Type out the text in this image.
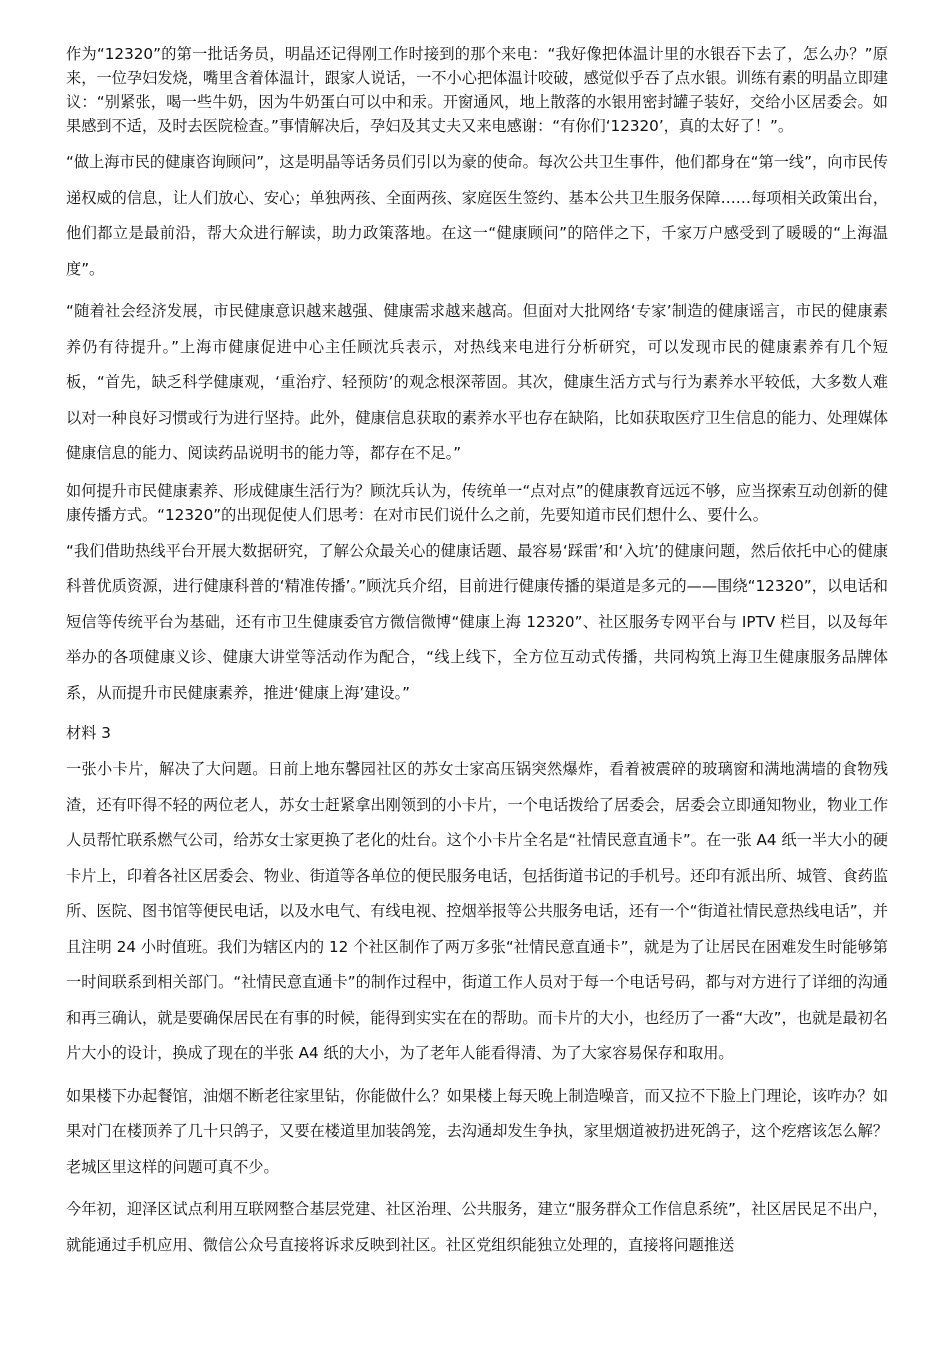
作为“12320”的第一批话务员，明晶还记得刚工作时接到的那个来电：“我好像把体温计里的水银吞下去了，怎么办？”原来，一位孕妇发烧，嘴里含着体温计，跟家人说话，一不小心把体温计咬破，感觉似乎吞了点水银。训练有素的明晶立即建议：“别紧张，喝一些牛奶，因为牛奶蛋白可以中和汞。开窗通风，地上散落的水银用密封罐子装好，交给小区居委会。如果感到不适，及时去医院检查。”事情解决后，孕妇及其丈夫又来电感谢：“有你们‘12320’，真的太好了！”。

“做上海市民的健康咨询顾问”，这是明晶等话务员们引以为豪的使命。每次公共卫生事件，他们都身在“第一线”，向市民传递权威的信息，让人们放心、安心；单独两孩、全面两孩、家庭医生签约、基本公共卫生服务保障……每项相关政策出台，他们都立是最前沿，帮大众进行解读，助力政策落地。在这一“健康顾问”的陪伴之下，千家万户感受到了暖暖的“上海温度”。

“随着社会经济发展，市民健康意识越来越强、健康需求越来越高。但面对大批网络‘专家’制造的健康谣言，市民的健康素养仍有待提升。”上海市健康促进中心主任顾沈兵表示，对热线来电进行分析研究，可以发现市民的健康素养有几个短板，“首先，缺乏科学健康观，‘重治疗、轻预防’的观念根深蒂固。其次，健康生活方式与行为素养水平较低，大多数人难以对一种良好习惯或行为进行坚持。此外，健康信息获取的素养水平也存在缺陷，比如获取医疗卫生信息的能力、处理媒体健康信息的能力、阅读药品说明书的能力等，都存在不足。”

如何提升市民健康素养、形成健康生活行为？顾沈兵认为，传统单一“点对点”的健康教育远远不够，应当探索互动创新的健康传播方式。“12320”的出现促使人们思考：在对市民们说什么之前，先要知道市民们想什么、要什么。

“我们借助热线平台开展大数据研究，了解公众最关心的健康话题、最容易‘踩雷’和‘入坑’的健康问题，然后依托中心的健康科普优质资源，进行健康科普的‘精准传播’。”顾沈兵介绍，目前进行健康传播的渠道是多元的——围绕“12320”，以电话和短信等传统平台为基础，还有市卫生健康委官方微信微博“健康上海 12320”、社区服务专网平台与 IPTV 栏目，以及每年举办的各项健康义诊、健康大讲堂等活动作为配合，“线上线下，全方位互动式传播，共同构筑上海卫生健康服务品牌体系，从而提升市民健康素养，推进‘健康上海’建设。”

材料 3

一张小卡片，解决了大问题。日前上地东馨园社区的苏女士家高压锅突然爆炸，看着被震碎的玻璃窗和满地满墙的食物残渣，还有吓得不轻的两位老人，苏女士赶紧拿出刚领到的小卡片，一个电话拨给了居委会，居委会立即通知物业，物业工作人员帮忙联系燃气公司，给苏女士家更换了老化的灶台。这个小卡片全名是“社情民意直通卡”。在一张 A4 纸一半大小的硬卡片上，印着各社区居委会、物业、街道等各单位的便民服务电话，包括街道书记的手机号。还印有派出所、城管、食药监所、医院、图书馆等便民电话，以及水电气、有线电视、控烟举报等公共服务电话，还有一个“街道社情民意热线电话”，并且注明 24 小时值班。我们为辖区内的 12 个社区制作了两万多张“社情民意直通卡”，就是为了让居民在困难发生时能够第一时间联系到相关部门。“社情民意直通卡”的制作过程中，街道工作人员对于每一个电话号码，都与对方进行了详细的沟通和再三确认，就是要确保居民在有事的时候，能得到实实在在的帮助。而卡片的大小，也经历了一番“大改”，也就是最初名片大小的设计，换成了现在的半张 A4 纸的大小，为了老年人能看得清、为了大家容易保存和取用。

如果楼下办起餐馆，油烟不断老往家里钻，你能做什么？如果楼上每天晚上制造噪音，而又拉不下脸上门理论，该咋办？如果对门在楼顶养了几十只鸽子，又要在楼道里加装鸽笼，去沟通却发生争执，家里烟道被扔进死鸽子，这个疙瘩该怎么解？老城区里这样的问题可真不少。

今年初，迎泽区试点利用互联网整合基层党建、社区治理、公共服务，建立“服务群众工作信息系统”，社区居民足不出户，就能通过手机应用、微信公众号直接将诉求反映到社区。社区党组织能独立处理的，直接将问题推送
